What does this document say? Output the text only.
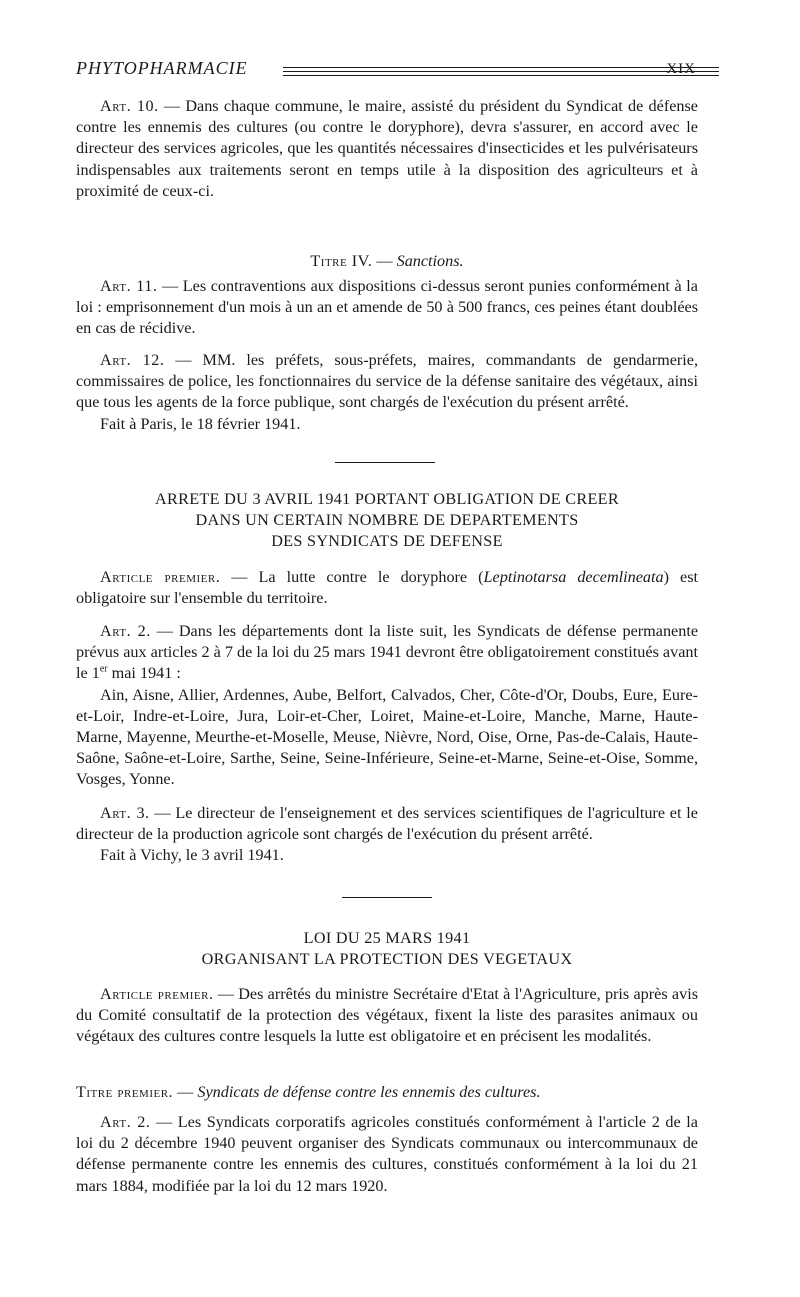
PHYTOPHARMACIE	XIX

Art. 10. — Dans chaque commune, le maire, assisté du président du Syndicat de défense contre les ennemis des cultures (ou contre le doryphore), devra s'assurer, en accord avec le directeur des services agricoles, que les quantités nécessaires d'insecticides et les pulvérisateurs indispensables aux traitements seront en temps utile à la disposition des agriculteurs et à proximité de ceux-ci.

Titre IV. — Sanctions.

Art. 11. — Les contraventions aux dispositions ci-dessus seront punies conformément à la loi : emprisonnement d'un mois à un an et amende de 50 à 500 francs, ces peines étant doublées en cas de récidive.

Art. 12. — MM. les préfets, sous-préfets, maires, commandants de gendarmerie, commissaires de police, les fonctionnaires du service de la défense sanitaire des végétaux, ainsi que tous les agents de la force publique, sont chargés de l'exécution du présent arrêté.

Fait à Paris, le 18 février 1941.

ARRETE DU 3 AVRIL 1941 PORTANT OBLIGATION DE CREER
DANS UN CERTAIN NOMBRE DE DEPARTEMENTS
DES SYNDICATS DE DEFENSE

Article premier. — La lutte contre le doryphore (Leptinotarsa decemlineata) est obligatoire sur l'ensemble du territoire.

Art. 2. — Dans les départements dont la liste suit, les Syndicats de défense permanente prévus aux articles 2 à 7 de la loi du 25 mars 1941 devront être obligatoirement constitués avant le 1er mai 1941 :

Ain, Aisne, Allier, Ardennes, Aube, Belfort, Calvados, Cher, Côte-d'Or, Doubs, Eure, Eure-et-Loir, Indre-et-Loire, Jura, Loir-et-Cher, Loiret, Maine-et-Loire, Manche, Marne, Haute-Marne, Mayenne, Meurthe-et-Moselle, Meuse, Nièvre, Nord, Oise, Orne, Pas-de-Calais, Haute-Saône, Saône-et-Loire, Sarthe, Seine, Seine-Inférieure, Seine-et-Marne, Seine-et-Oise, Somme, Vosges, Yonne.

Art. 3. — Le directeur de l'enseignement et des services scientifiques de l'agriculture et le directeur de la production agricole sont chargés de l'exécution du présent arrêté.

Fait à Vichy, le 3 avril 1941.

LOI DU 25 MARS 1941
ORGANISANT LA PROTECTION DES VEGETAUX

Article premier. — Des arrêtés du ministre Secrétaire d'Etat à l'Agriculture, pris après avis du Comité consultatif de la protection des végétaux, fixent la liste des parasites animaux ou végétaux des cultures contre lesquels la lutte est obligatoire et en précisent les modalités.

Titre premier. — Syndicats de défense contre les ennemis des cultures.

Art. 2. — Les Syndicats corporatifs agricoles constitués conformément à l'article 2 de la loi du 2 décembre 1940 peuvent organiser des Syndicats communaux ou intercommunaux de défense permanente contre les ennemis des cultures, constitués conformément à la loi du 21 mars 1884, modifiée par la loi du 12 mars 1920.
